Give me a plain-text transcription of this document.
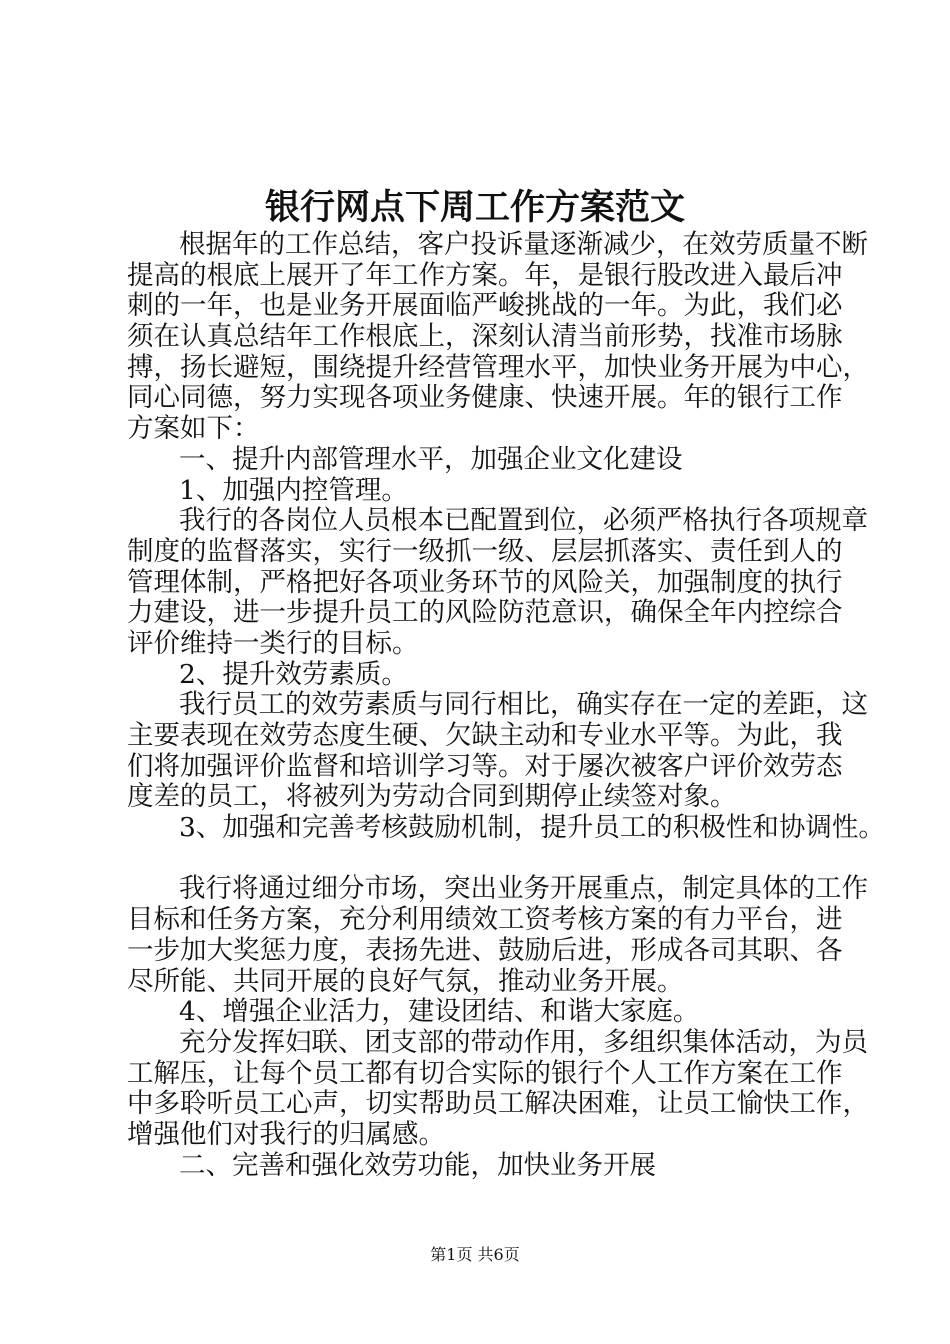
银行网点下周工作方案范文
根据年的工作总结，客户投诉量逐渐减少，在效劳质量不断
提高的根底上展开了年工作方案。年，是银行股改进入最后冲
刺的一年，也是业务开展面临严峻挑战的一年。为此，我们必
须在认真总结年工作根底上，深刻认清当前形势，找准市场脉
搏，扬长避短，围绕提升经营管理水平，加快业务开展为中心，
同心同德，努力实现各项业务健康、快速开展。年的银行工作
方案如下：
一、提升内部管理水平，加强企业文化建设
1、加强内控管理。
我行的各岗位人员根本已配置到位，必须严格执行各项规章
制度的监督落实，实行一级抓一级、层层抓落实、责任到人的
管理体制，严格把好各项业务环节的风险关，加强制度的执行
力建设，进一步提升员工的风险防范意识，确保全年内控综合
评价维持一类行的目标。
2、提升效劳素质。
我行员工的效劳素质与同行相比，确实存在一定的差距，这
主要表现在效劳态度生硬、欠缺主动和专业水平等。为此，我
们将加强评价监督和培训学习等。对于屡次被客户评价效劳态
度差的员工，将被列为劳动合同到期停止续签对象。
3、加强和完善考核鼓励机制，提升员工的积极性和协调性。
我行将通过细分市场，突出业务开展重点，制定具体的工作
目标和任务方案，充分利用绩效工资考核方案的有力平台，进
一步加大奖惩力度，表扬先进、鼓励后进，形成各司其职、各
尽所能、共同开展的良好气氛，推动业务开展。
4、增强企业活力，建设团结、和谐大家庭。
充分发挥妇联、团支部的带动作用，多组织集体活动，为员
工解压，让每个员工都有切合实际的银行个人工作方案在工作
中多聆听员工心声，切实帮助员工解决困难，让员工愉快工作，
增强他们对我行的归属感。
二、完善和强化效劳功能，加快业务开展
第1页 共6页
